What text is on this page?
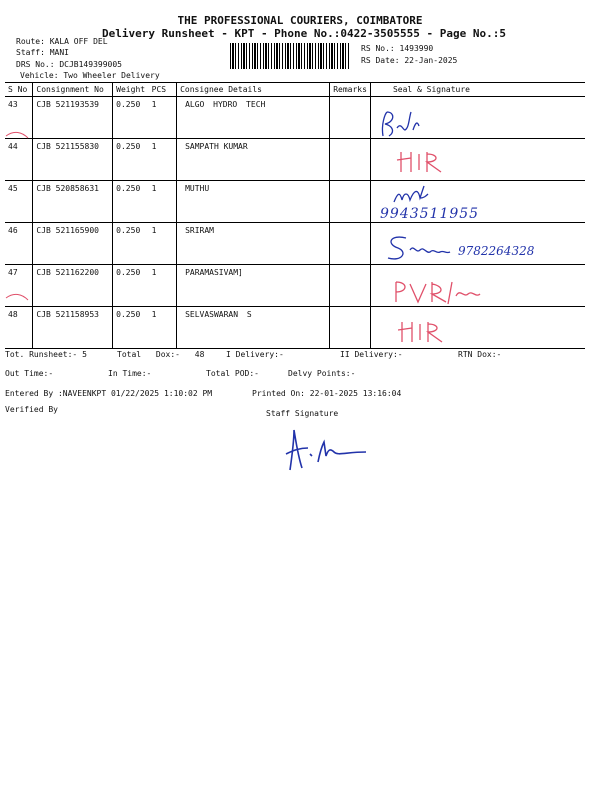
THE PROFESSIONAL COURIERS, COIMBATORE
Delivery Runsheet - KPT - Phone No.:0422-3505555 - Page No.:5
Route: KALA OFF DEL
Staff: MANI
DRS No.: DCJB149399005
Vehicle: Two Wheeler Delivery
RS No.: 1493990
RS Date: 22-Jan-2025
S No	Consignment No	Weight	PCS	Consignee Details	Remarks	Seal & Signature
43	CJB 521193539	0.250	1	ALGO HYDRO TECH		
44	CJB 521155830	0.250	1	SAMPATH KUMAR		
45	CJB 520858631	0.250	1	MUTHU		
46	CJB 521165900	0.250	1	SRIRAM		
47	CJB 521162200	0.250	1	PARAMASIVAM]		
48	CJB 521158953	0.250	1	SELVASWARAN S		
9943511955
9782264328
Tot. Runsheet:- 5	Total Dox:- 48	I Delivery:-	II Delivery:-	RTN Dox:-
Out Time:-	In Time:-	Total POD:-	Delvy Points:-
Entered By :NAVEENKPT 01/22/2025 1:10:02 PM	Printed On: 22-01-2025 13:16:04
Verified By	Staff Signature
